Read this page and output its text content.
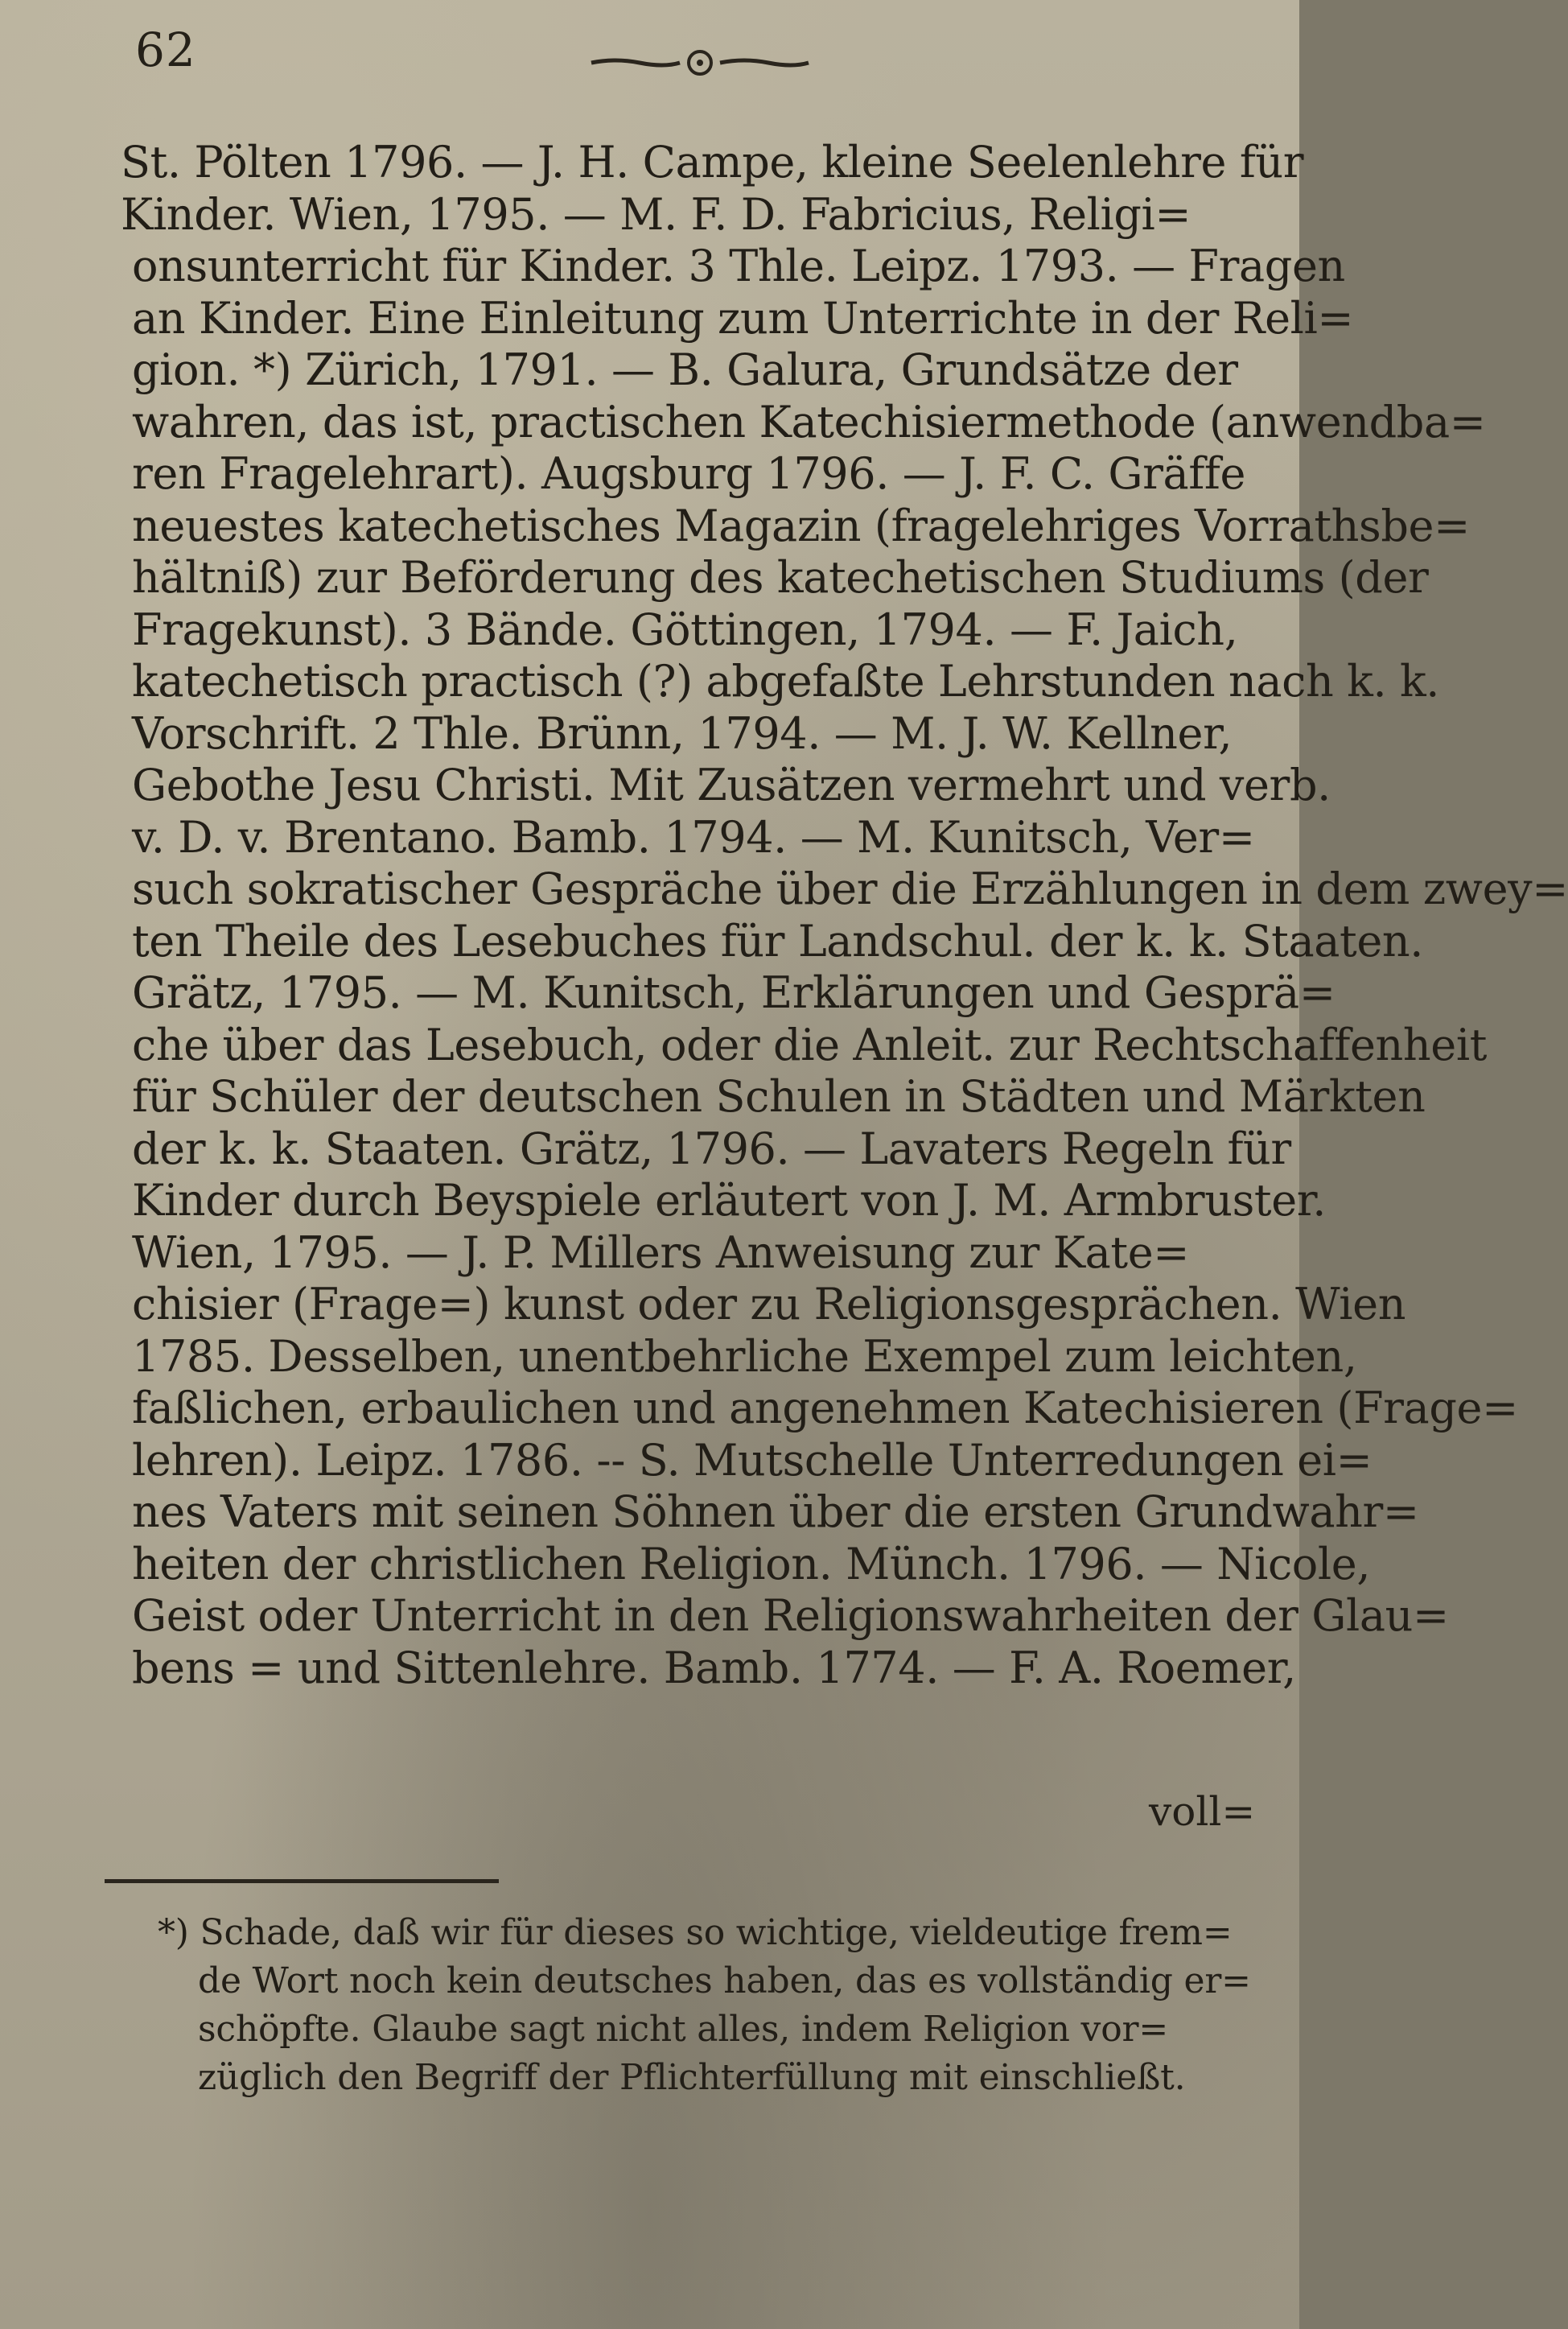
62
St. Pölten 1796. — J. H. Campe, kleine Seelenlehre für
Kinder. Wien, 1795. — M. F. D. Fabricius, Religi=
onsunterricht für Kinder. 3 Thle. Leipz. 1793. — Fragen
an Kinder. Eine Einleitung zum Unterrichte in der Reli=
gion. *) Zürich, 1791. — B. Galura, Grundsätze der
wahren, das ist, practischen Katechisiermethode (anwendba=
ren Fragelehrart). Augsburg 1796. — J. F. C. Gräffe
neuestes katechetisches Magazin (fragelehriges Vorrathsbe=
hältniß) zur Beförderung des katechetischen Studiums (der
Fragekunst). 3 Bände. Göttingen, 1794. — F. Jaich,
katechetisch practisch (?) abgefaßte Lehrstunden nach k. k.
Vorschrift. 2 Thle. Brünn, 1794. — M. J. W. Kellner,
Gebothe Jesu Christi. Mit Zusätzen vermehrt und verb.
v. D. v. Brentano. Bamb. 1794. — M. Kunitsch, Ver=
such sokratischer Gespräche über die Erzählungen in dem zwey=
ten Theile des Lesebuches für Landschul. der k. k. Staaten.
Grätz, 1795. — M. Kunitsch, Erklärungen und Gesprä=
che über das Lesebuch, oder die Anleit. zur Rechtschaffenheit
für Schüler der deutschen Schulen in Städten und Märkten
der k. k. Staaten. Grätz, 1796. — Lavaters Regeln für
Kinder durch Beyspiele erläutert von J. M. Armbruster.
Wien, 1795. — J. P. Millers Anweisung zur Kate=
chisier (Frage=) kunst oder zu Religionsgesprächen. Wien
1785. Desselben, unentbehrliche Exempel zum leichten,
faßlichen, erbaulichen und angenehmen Katechisieren (Frage=
lehren). Leipz. 1786. -- S. Mutschelle Unterredungen ei=
nes Vaters mit seinen Söhnen über die ersten Grundwahr=
heiten der christlichen Religion. Münch. 1796. — Nicole,
Geist oder Unterricht in den Religionswahrheiten der Glau=
bens = und Sittenlehre. Bamb. 1774. — F. A. Roemer,
voll=
*) Schade, daß wir für dieses so wichtige, vieldeutige frem=
de Wort noch kein deutsches haben, das es vollständig er=
schöpfte. Glaube sagt nicht alles, indem Religion vor=
züglich den Begriff der Pflichterfüllung mit einschließt.
